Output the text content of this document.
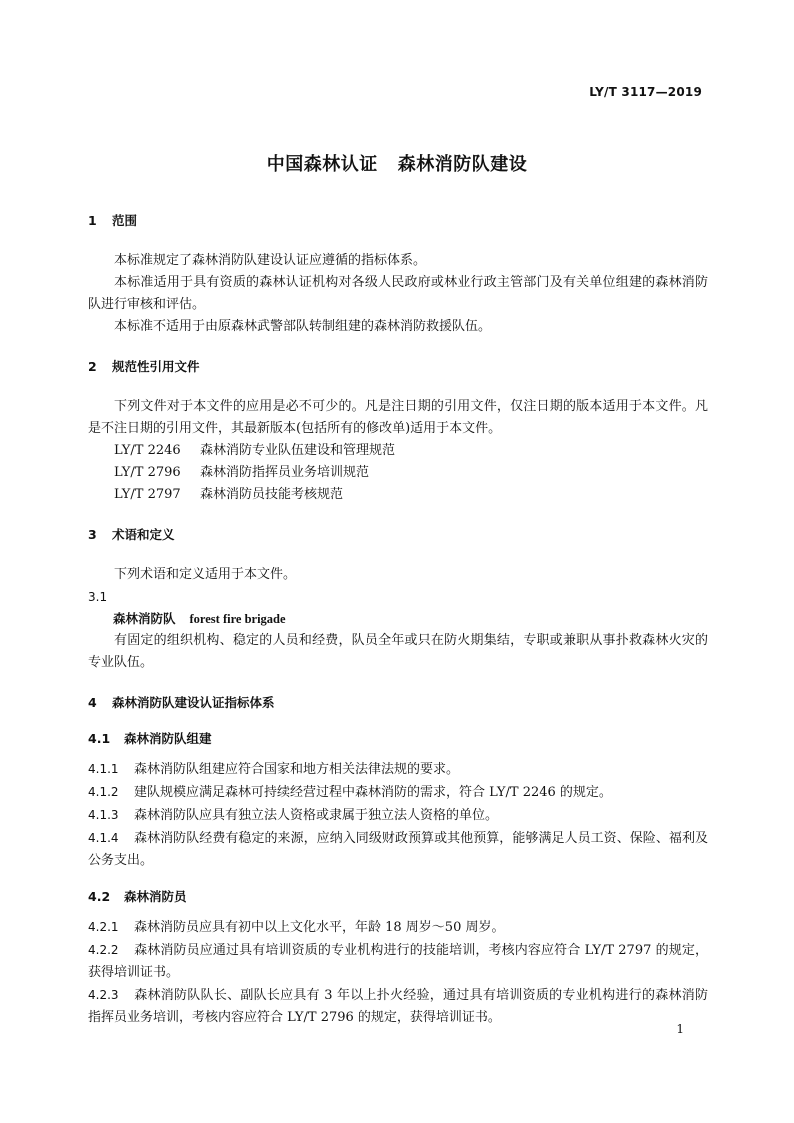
LY/T 3117—2019
中国森林认证 森林消防队建设

1 范围

本标准规定了森林消防队建设认证应遵循的指标体系。

本标准适用于具有资质的森林认证机构对各级人民政府或林业行政主管部门及有关单位组建的森林消防队进行审核和评估。

本标准不适用于由原森林武警部队转制组建的森林消防救援队伍。

2 规范性引用文件

下列文件对于本文件的应用是必不可少的。凡是注日期的引用文件，仅注日期的版本适用于本文件。凡是不注日期的引用文件，其最新版本(包括所有的修改单)适用于本文件。

LY/T 2246 森林消防专业队伍建设和管理规范

LY/T 2796 森林消防指挥员业务培训规范

LY/T 2797 森林消防员技能考核规范

3 术语和定义

下列术语和定义适用于本文件。

3.1

森林消防队 forest fire brigade

有固定的组织机构、稳定的人员和经费，队员全年或只在防火期集结，专职或兼职从事扑救森林火灾的专业队伍。

4 森林消防队建设认证指标体系

4.1 森林消防队组建

4.1.1 森林消防队组建应符合国家和地方相关法律法规的要求。

4.1.2 建队规模应满足森林可持续经营过程中森林消防的需求，符合 LY/T 2246 的规定。

4.1.3 森林消防队应具有独立法人资格或隶属于独立法人资格的单位。

4.1.4 森林消防队经费有稳定的来源，应纳入同级财政预算或其他预算，能够满足人员工资、保险、福利及公务支出。

4.2 森林消防员

4.2.1 森林消防员应具有初中以上文化水平，年龄 18 周岁～50 周岁。

4.2.2 森林消防员应通过具有培训资质的专业机构进行的技能培训，考核内容应符合 LY/T 2797 的规定，获得培训证书。

4.2.3 森林消防队队长、副队长应具有 3 年以上扑火经验，通过具有培训资质的专业机构进行的森林消防指挥员业务培训，考核内容应符合 LY/T 2796 的规定，获得培训证书。

1
